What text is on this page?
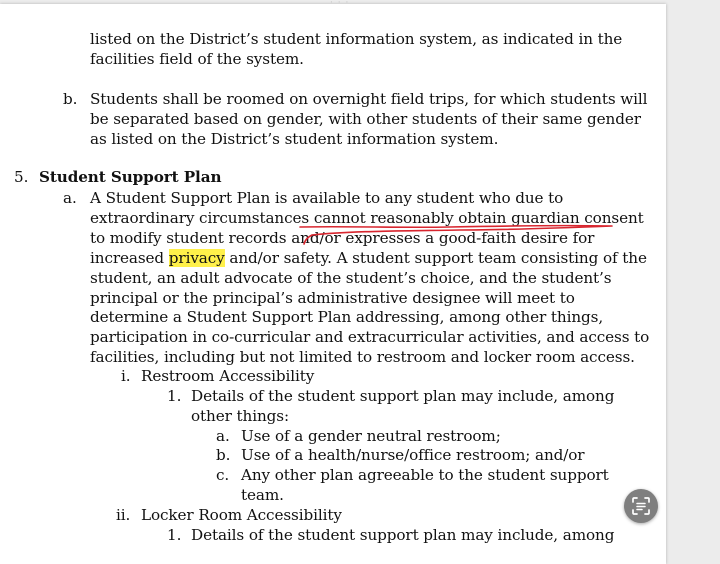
· · ·
listed on the District’s student information system, as indicated in the
facilities field of the system.
b. Students shall be roomed on overnight field trips, for which students will
be separated based on gender, with other students of their same gender
as listed on the District’s student information system.
5. Student Support Plan
a. A Student Support Plan is available to any student who due to
extraordinary circumstances cannot reasonably obtain guardian consent
to modify student records and/or expresses a good-faith desire for
increased privacy and/or safety. A student support team consisting of the
student, an adult advocate of the student’s choice, and the student’s
principal or the principal’s administrative designee will meet to
determine a Student Support Plan addressing, among other things,
participation in co-curricular and extracurricular activities, and access to
facilities, including but not limited to restroom and locker room access.
i. Restroom Accessibility
1. Details of the student support plan may include, among
other things:
a. Use of a gender neutral restroom;
b. Use of a health/nurse/office restroom; and/or
c. Any other plan agreeable to the student support
team.
ii. Locker Room Accessibility
1. Details of the student support plan may include, among
